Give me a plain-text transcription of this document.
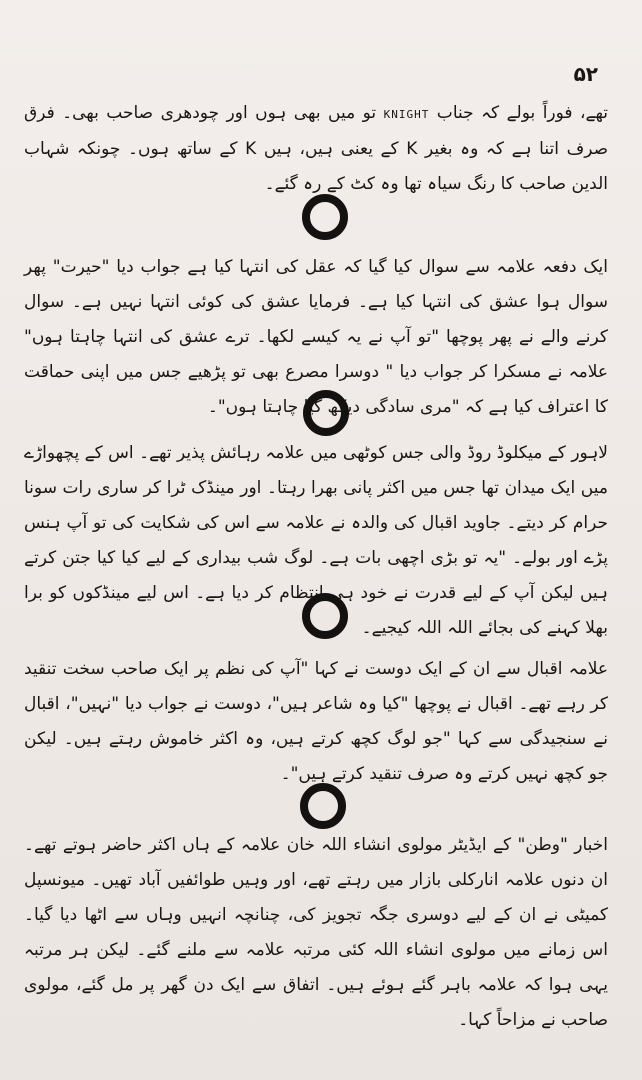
۵۲
تھے، فوراً بولے کہ جناب KNIGHT تو میں بھی ہوں اور چودھری صاحب بھی۔ فرق صرف اتنا ہے کہ وہ بغیر K کے یعنی ہیں، ہیں K کے ساتھ ہوں۔ چونکہ شہاب الدین صاحب کا رنگ سیاہ تھا وہ کٹ کے رہ گئے۔
ایک دفعہ علامہ سے سوال کیا گیا کہ عقل کی انتہا کیا ہے جواب دیا "حیرت" پھر سوال ہوا عشق کی انتہا کیا ہے۔ فرمایا عشق کی کوئی انتہا نہیں ہے۔ سوال کرنے والے نے پھر پوچھا "تو آپ نے یہ کیسے لکھا۔ ترے عشق کی انتہا چاہتا ہوں" علامہ نے مسکرا کر جواب دیا " دوسرا مصرع بھی تو پڑھیے جس میں اپنی حماقت کا اعتراف کیا ہے کہ "مری سادگی دیکھ کیا چاہتا ہوں"۔
لاہور کے میکلوڈ روڈ والی جس کوٹھی میں علامہ رہائش پذیر تھے۔ اس کے پچھواڑے میں ایک میدان تھا جس میں اکثر پانی بھرا رہتا۔ اور مینڈک ٹرا کر ساری رات سونا حرام کر دیتے۔ جاوید اقبال کی والدہ نے علامہ سے اس کی شکایت کی تو آپ ہنس پڑے اور بولے۔ "یہ تو بڑی اچھی بات ہے۔ لوگ شب بیداری کے لیے کیا کیا جتن کرتے ہیں لیکن آپ کے لیے قدرت نے خود ہی انتظام کر دیا ہے۔ اس لیے مینڈکوں کو برا بھلا کہنے کی بجائے اللہ اللہ کیجیے۔
علامہ اقبال سے ان کے ایک دوست نے کہا "آپ کی نظم پر ایک صاحب سخت تنقید کر رہے تھے۔ اقبال نے پوچھا "کیا وہ شاعر ہیں"، دوست نے جواب دیا "نہیں"، اقبال نے سنجیدگی سے کہا "جو لوگ کچھ کرتے ہیں، وہ اکثر خاموش رہتے ہیں۔ لیکن جو کچھ نہیں کرتے وہ صرف تنقید کرتے ہیں"۔
اخبار "وطن" کے ایڈیٹر مولوی انشاء اللہ خان علامہ کے ہاں اکثر حاضر ہوتے تھے۔ ان دنوں علامہ انارکلی بازار میں رہتے تھے، اور وہیں طوائفیں آباد تھیں۔ میونسپل کمیٹی نے ان کے لیے دوسری جگہ تجویز کی، چنانچہ انہیں وہاں سے اٹھا دیا گیا۔ اس زمانے میں مولوی انشاء اللہ کئی مرتبہ علامہ سے ملنے گئے۔ لیکن ہر مرتبہ یہی ہوا کہ علامہ باہر گئے ہوئے ہیں۔ اتفاق سے ایک دن گھر پر مل گئے، مولوی صاحب نے مزاحاً کہا۔
